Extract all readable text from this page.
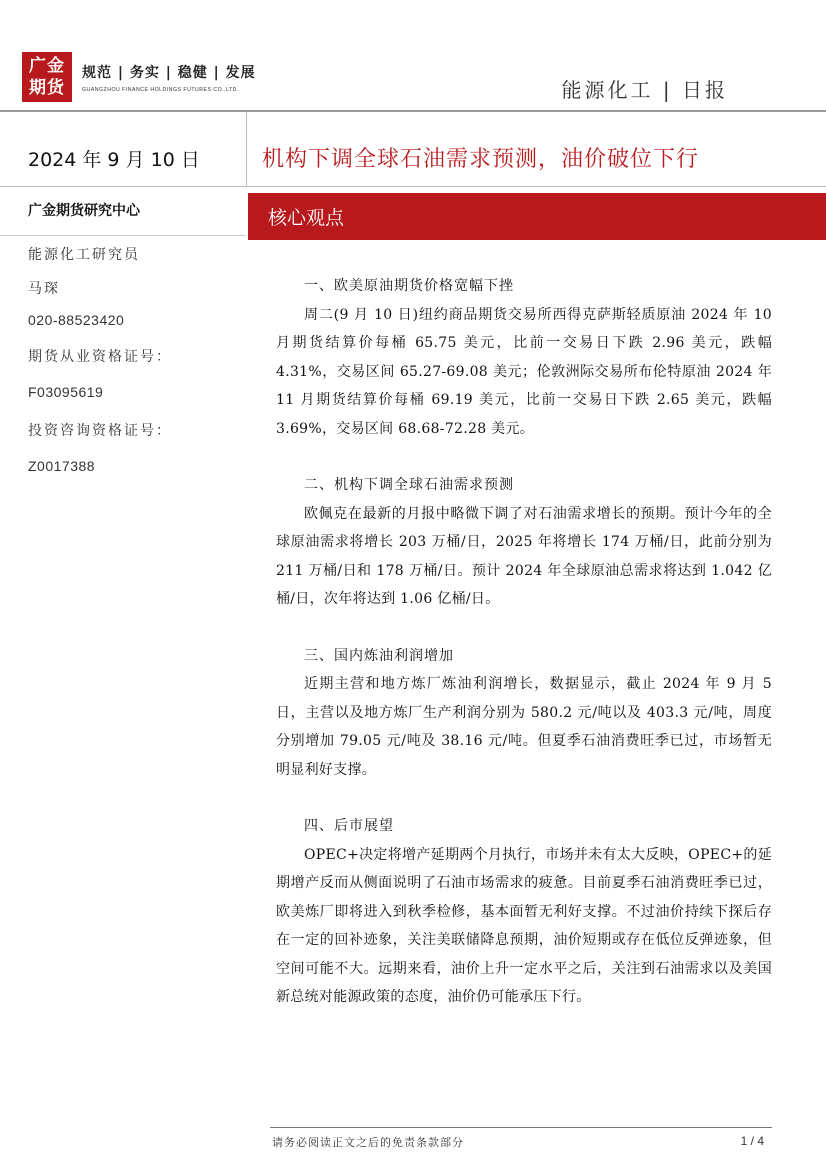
广金
期货
规范 | 务实 | 稳健 | 发展
GUANGZHOU FINANCE HOLDINGS FUTURES CO.,LTD.	能源化工 | 日报
2024 年 9 月 10 日	机构下调全球石油需求预测，油价破位下行
广金期货研究中心
能源化工研究员
马琛
020-88523420
期货从业资格证号：
F03095619
投资咨询资格证号：
Z0017388
核心观点

一、欧美原油期货价格宽幅下挫

周二(9 月 10 日)纽约商品期货交易所西得克萨斯轻质原油 2024 年 10 月期货结算价每桶 65.75 美元，比前一交易日下跌 2.96 美元，跌幅 4.31%，交易区间 65.27-69.08 美元；伦敦洲际交易所布伦特原油 2024 年 11 月期货结算价每桶 69.19 美元，比前一交易日下跌 2.65 美元，跌幅 3.69%，交易区间 68.68-72.28 美元。

二、机构下调全球石油需求预测

欧佩克在最新的月报中略微下调了对石油需求增长的预期。预计今年的全球原油需求将增长 203 万桶/日，2025 年将增长 174 万桶/日，此前分别为 211 万桶/日和 178 万桶/日。预计 2024 年全球原油总需求将达到 1.042 亿桶/日，次年将达到 1.06 亿桶/日。

三、国内炼油利润增加

近期主营和地方炼厂炼油利润增长，数据显示，截止 2024 年 9 月 5 日，主营以及地方炼厂生产利润分别为 580.2 元/吨以及 403.3 元/吨，周度分别增加 79.05 元/吨及 38.16 元/吨。但夏季石油消费旺季已过，市场暂无明显利好支撑。

四、后市展望

OPEC+决定将增产延期两个月执行，市场并未有太大反映，OPEC+的延期增产反而从侧面说明了石油市场需求的疲惫。目前夏季石油消费旺季已过，欧美炼厂即将进入到秋季检修，基本面暂无利好支撑。不过油价持续下探后存在一定的回补迹象，关注美联储降息预期，油价短期或存在低位反弹迹象，但空间可能不大。远期来看，油价上升一定水平之后，关注到石油需求以及美国新总统对能源政策的态度，油价仍可能承压下行。

请务必阅读正文之后的免责条款部分	1 / 4
